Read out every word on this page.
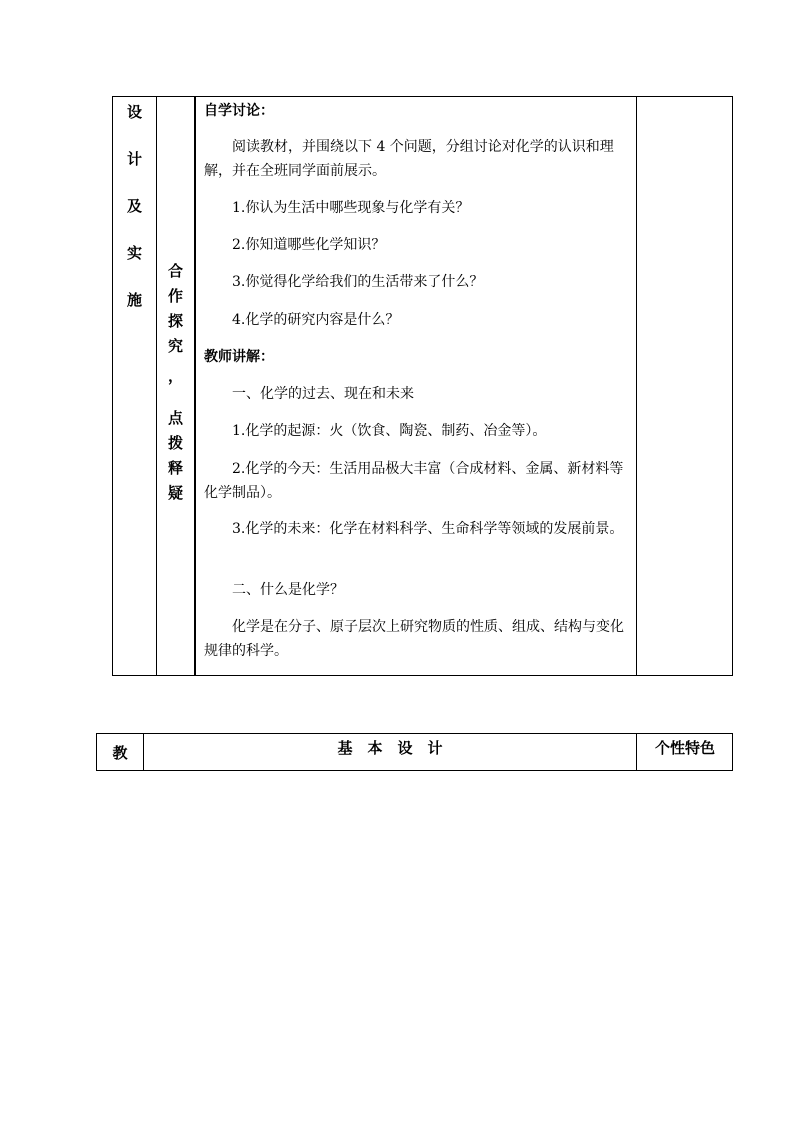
设
计
及
实
施
合
作
探
究
，
点
拨
释
疑
自学讨论：
阅读教材，并围绕以下 4 个问题，分组讨论对化学的认识和理解，并在全班同学面前展示。
1.你认为生活中哪些现象与化学有关？
2.你知道哪些化学知识？
3.你觉得化学给我们的生活带来了什么？
4.化学的研究内容是什么？
教师讲解：
一、化学的过去、现在和未来
1.化学的起源：火（饮食、陶瓷、制药、冶金等）。
2.化学的今天：生活用品极大丰富（合成材料、金属、新材料等化学制品）。
3.化学的未来：化学在材料科学、生命科学等领域的发展前景。
二、什么是化学？
化学是在分子、原子层次上研究物质的性质、组成、结构与变化规律的科学。
教	基　本　设　计	个性特色
